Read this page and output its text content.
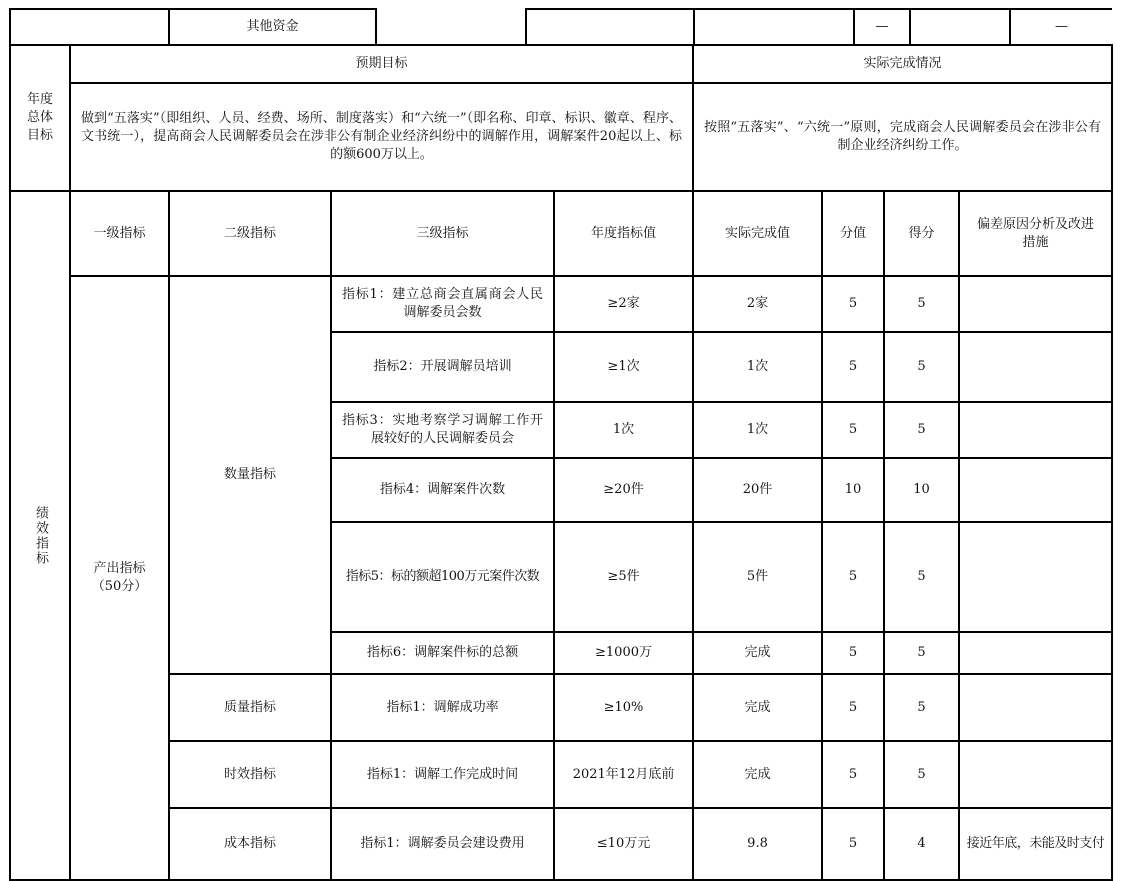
	其他资金				—		—
年度
总体
目标	预期目标				实际完成情况			
	做到“五落实”（即组织、人员、经费、场所、制度落实）和“六统一”（即名称、印章、标识、徽章、程序、文书统一），提高商会人民调解委员会在涉非公有制企业经济纠纷中的调解作用，调解案件20起以上、标的额600万以上。				按照“五落实”、“六统一”原则，完成商会人民调解委员会在涉非公有制企业经济纠纷工作。			
绩效指标	一级指标	二级指标	三级指标	年度指标值	实际完成值	分值	得分	偏差原因分析及改进措施
	产出指标
（50分）	数量指标	指标1：建立总商会直属商会人民调解委员会数	≥2家	2家	5	5	
			指标2：开展调解员培训	≥1次	1次	5	5	
			指标3：实地考察学习调解工作开展较好的人民调解委员会	1次	1次	5	5	
			指标4：调解案件次数	≥20件	20件	10	10	
			指标5：标的额超100万元案件次数	≥5件	5件	5	5	
			指标6：调解案件标的总额	≥1000万	完成	5	5	
		质量指标	指标1：调解成功率	≥10%	完成	5	5	
		时效指标	指标1：调解工作完成时间	2021年12月底前	完成	5	5	
		成本指标	指标1：调解委员会建设费用	≤10万元	9.8	5	4	接近年底，未能及时支付
